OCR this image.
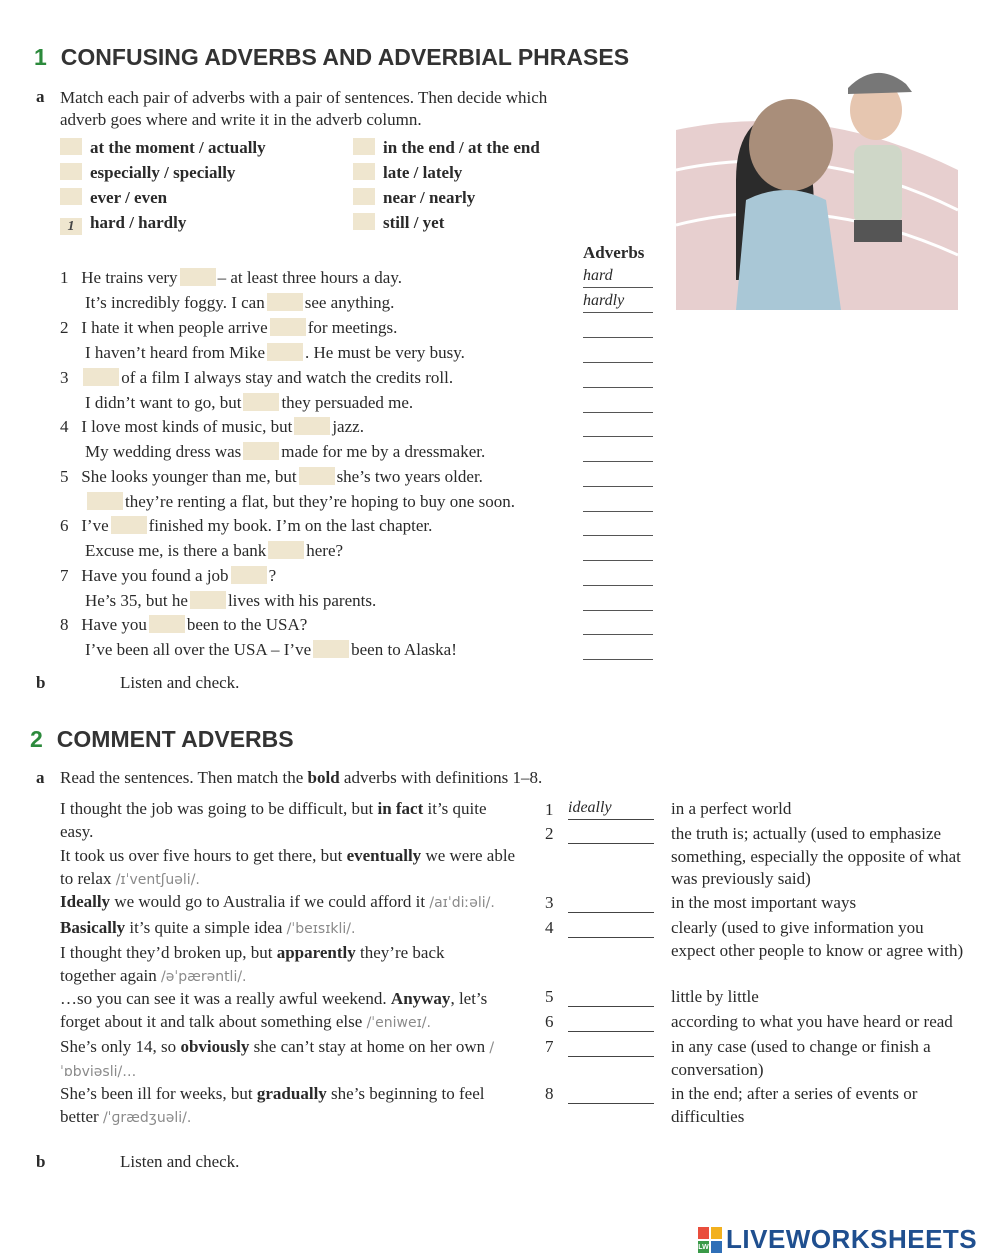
1 CONFUSING ADVERBS AND ADVERBIAL PHRASES
a Match each pair of adverbs with a pair of sentences. Then decide which
adverb goes where and write it in the adverb column.
at the moment / actually
especially / specially
ever / even
1 hard / hardly
in the end / at the end
late / lately
near / nearly
still / yet
Adverbs
1 He trains very – at least three hours a day.	hard
It’s incredibly foggy. I can see anything.	hardly
2 I hate it when people arrive for meetings.
I haven’t heard from Mike . He must be very busy.
3	of a film I always stay and watch the credits roll.
I didn’t want to go, but they persuaded me.
4 I love most kinds of music, but jazz.
My wedding dress was made for me by a dressmaker.
5 She looks younger than me, but she’s two years older.
they’re renting a flat, but they’re hoping to buy one soon.
6 I’ve finished my book. I’m on the last chapter.
Excuse me, is there a bank here?
7 Have you found a job ?
He’s 35, but he lives with his parents.
8 Have you been to the USA?
I’ve been all over the USA – I’ve been to Alaska!
b	Listen and check.
2 COMMENT ADVERBS
a Read the sentences. Then match the bold adverbs with definitions 1–8.
I thought the job was going to be difficult, but in fact it’s quite easy.
It took us over five hours to get there, but eventually we were able to relax /ɪˈventʃuəli/.
Ideally we would go to Australia if we could afford it /aɪˈdiːəli/.
Basically it’s quite a simple idea /ˈbeɪsɪkli/.
I thought they’d broken up, but apparently they’re back together again /əˈpærəntli/.
…so you can see it was a really awful weekend. Anyway, let’s forget about it and talk about something else /ˈeniweɪ/.
She’s only 14, so obviously she can’t stay at home on her own /ˈɒbviəsli/…
She’s been ill for weeks, but gradually she’s beginning to feel better /ˈɡrædʒuəli/.
1 ideally	in a perfect world
2	the truth is; actually (used to emphasize something, especially the opposite of what was previously said)
3	in the most important ways
4	clearly (used to give information you expect other people to know or agree with)
5	little by little
6	according to what you have heard or read
7	in any case (used to change or finish a conversation)
8	in the end; after a series of events or difficulties
b	Listen and check.
LW LIVEWORKSHEETS
